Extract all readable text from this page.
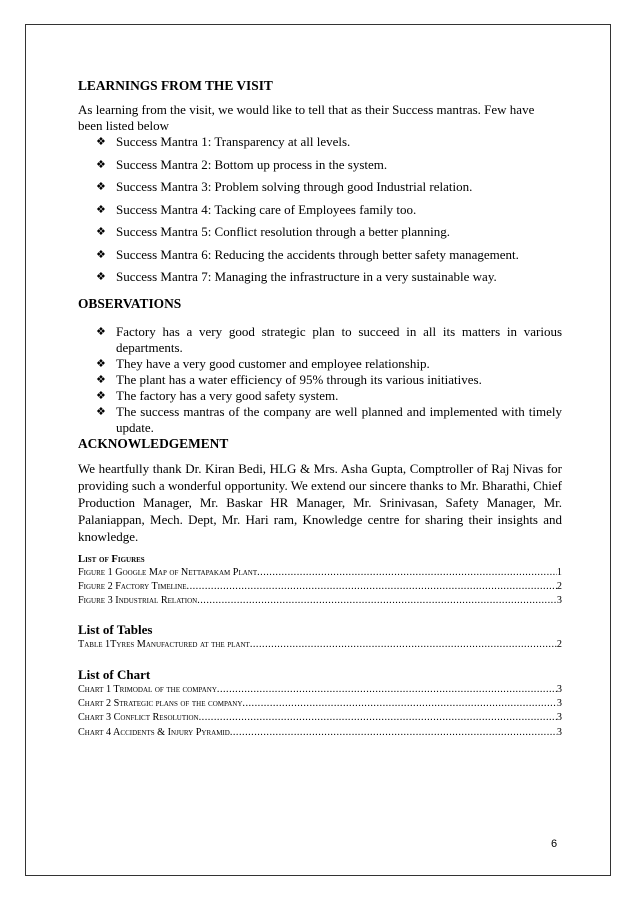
LEARNINGS FROM THE VISIT

As learning from the visit, we would like to tell that as their Success mantras. Few have been listed below

❖ Success Mantra 1: Transparency at all levels.
❖ Success Mantra 2: Bottom up process in the system.
❖ Success Mantra 3: Problem solving through good Industrial relation.
❖ Success Mantra 4: Tacking care of Employees family too.
❖ Success Mantra 5: Conflict resolution through a better planning.
❖ Success Mantra 6: Reducing the accidents through better safety management.
❖ Success Mantra 7: Managing the infrastructure in a very sustainable way.

OBSERVATIONS

❖ Factory has a very good strategic plan to succeed in all its matters in various departments.
❖ They have a very good customer and employee relationship.
❖ The plant has a water efficiency of 95% through its various initiatives.
❖ The factory has a very good safety system.
❖ The success mantras of the company are well planned and implemented with timely update.

ACKNOWLEDGEMENT

We heartfully thank Dr. Kiran Bedi, HLG & Mrs. Asha Gupta, Comptroller of Raj Nivas for providing such a wonderful opportunity. We extend our sincere thanks to Mr. Bharathi, Chief Production Manager, Mr. Baskar HR Manager, Mr. Srinivasan, Safety Manager, Mr. Palaniappan, Mech. Dept, Mr. Hari ram, Knowledge centre for sharing their insights and knowledge.

List of Figures
Figure 1 Google Map of Nettapakam Plant .....	1
Figure 2 Factory Timeline .....	2
Figure 3 Industrial Relation .....	3
List of Tables
Table 1Tyres Manufactured at the plant .....	2
List of Chart
Chart 1 Trimodal of the company .....	3
Chart 2 Strategic plans of the company .....	3
Chart 3 Conflict Resolution .....	3
Chart 4 Accidents & Injury Pyramid .....	3
6
